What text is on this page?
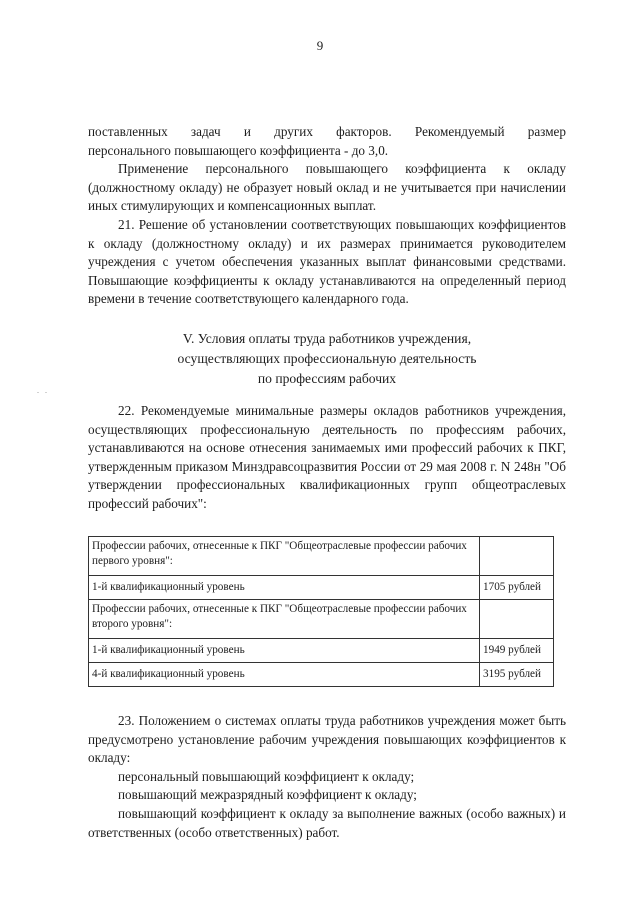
9

поставленных задач и других факторов. Рекомендуемый размер

персонального повышающего коэффициента - до 3,0.

Применение персонального повышающего коэффициента к окладу (должностному окладу) не образует новый оклад и не учитывается при начислении иных стимулирующих и компенсационных выплат.
21. Решение об установлении соответствующих повышающих коэффициентов к окладу (должностному окладу) и их размерах принимается руководителем учреждения с учетом обеспечения указанных выплат финансовыми средствами. Повышающие коэффициенты к окладу устанавливаются на определенный период времени в течение соответствующего календарного года.
V. Условия оплаты труда работников учреждения,
осуществляющих профессиональную деятельность
по профессиям рабочих
. .
22. Рекомендуемые минимальные размеры окладов работников учреждения, осуществляющих профессиональную деятельность по профессиям рабочих, устанавливаются на основе отнесения занимаемых ими профессий рабочих к ПКГ, утвержденным приказом Минздравсоцразвития России от 29 мая 2008 г. N 248н "Об утверждении профессиональных квалификационных групп общеотраслевых профессий рабочих":
Профессии рабочих, отнесенные к ПКГ "Общеотраслевые профессии рабочих первого уровня":	
1-й квалификационный уровень	1705 рублей
Профессии рабочих, отнесенные к ПКГ "Общеотраслевые профессии рабочих второго уровня":	
1-й квалификационный уровень	1949 рублей
4-й квалификационный уровень	3195 рублей

23. Положением о системах оплаты труда работников учреждения может быть предусмотрено установление рабочим учреждения повышающих коэффициентов к окладу:

персональный повышающий коэффициент к окладу;
повышающий межразрядный коэффициент к окладу;
повышающий коэффициент к окладу за выполнение важных (особо важных) и ответственных (особо ответственных) работ.
